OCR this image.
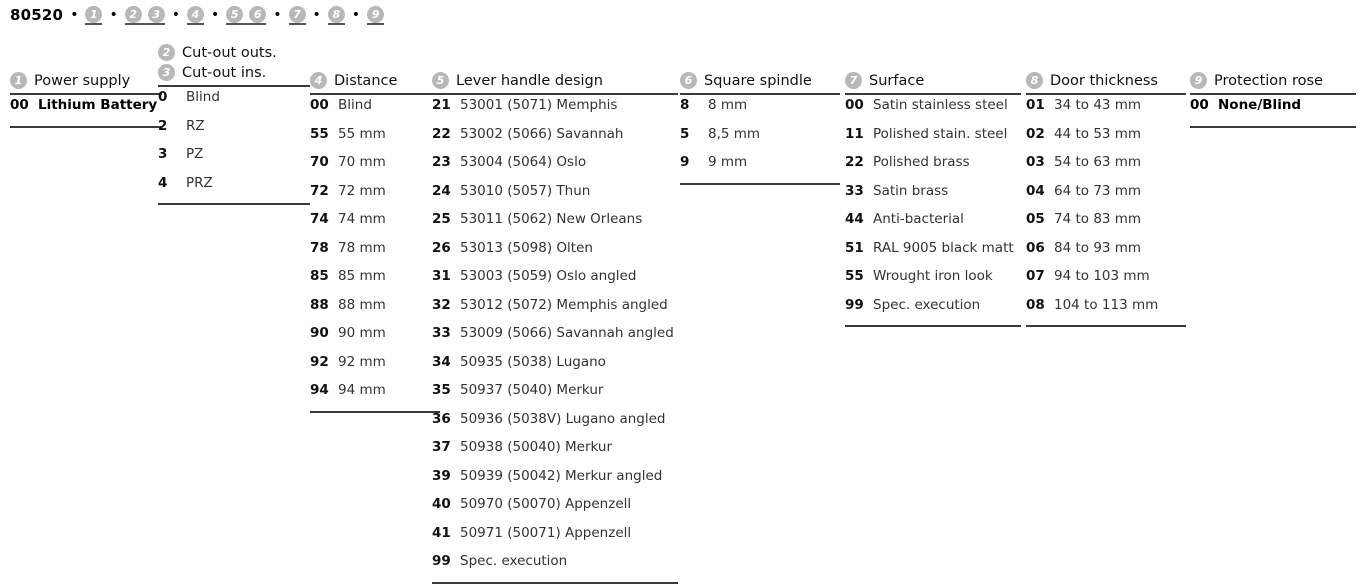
80520 •	1 •	2	3 •	4 •	5	6 •	7 •	8 •	9
1 Power supply
00 Lithium Battery
2 Cut-out outs.
3 Cut-out ins.
0	Blind
2	RZ
3	PZ
4	PRZ
4 Distance
00 Blind
55 55 mm
70 70 mm
72 72 mm
74 74 mm
78 78 mm
85 85 mm
88 88 mm
90 90 mm
92 92 mm
94 94 mm
5 Lever handle design
21 53001 (5071) Memphis
22 53002 (5066) Savannah
23 53004 (5064) Oslo
24 53010 (5057) Thun
25 53011 (5062) New Orleans
26 53013 (5098) Olten
31 53003 (5059) Oslo angled
32 53012 (5072) Memphis angled
33 53009 (5066) Savannah angled
34 50935 (5038) Lugano
35 50937 (5040) Merkur
36 50936 (5038V) Lugano angled
37 50938 (50040) Merkur
39 50939 (50042) Merkur angled
40 50970 (50070) Appenzell
41 50971 (50071) Appenzell
99 Spec. execution
6 Square spindle
8	8 mm
5	8,5 mm
9	9 mm
7 Surface
00 Satin stainless steel
11 Polished stain. steel
22 Polished brass
33 Satin brass
44 Anti-bacterial
51 RAL 9005 black matt
55 Wrought iron look
99 Spec. execution
8 Door thickness
01 34 to 43 mm
02 44 to 53 mm
03 54 to 63 mm
04 64 to 73 mm
05 74 to 83 mm
06 84 to 93 mm
07 94 to 103 mm
08 104 to 113 mm
9 Protection rose
00 None/Blind
